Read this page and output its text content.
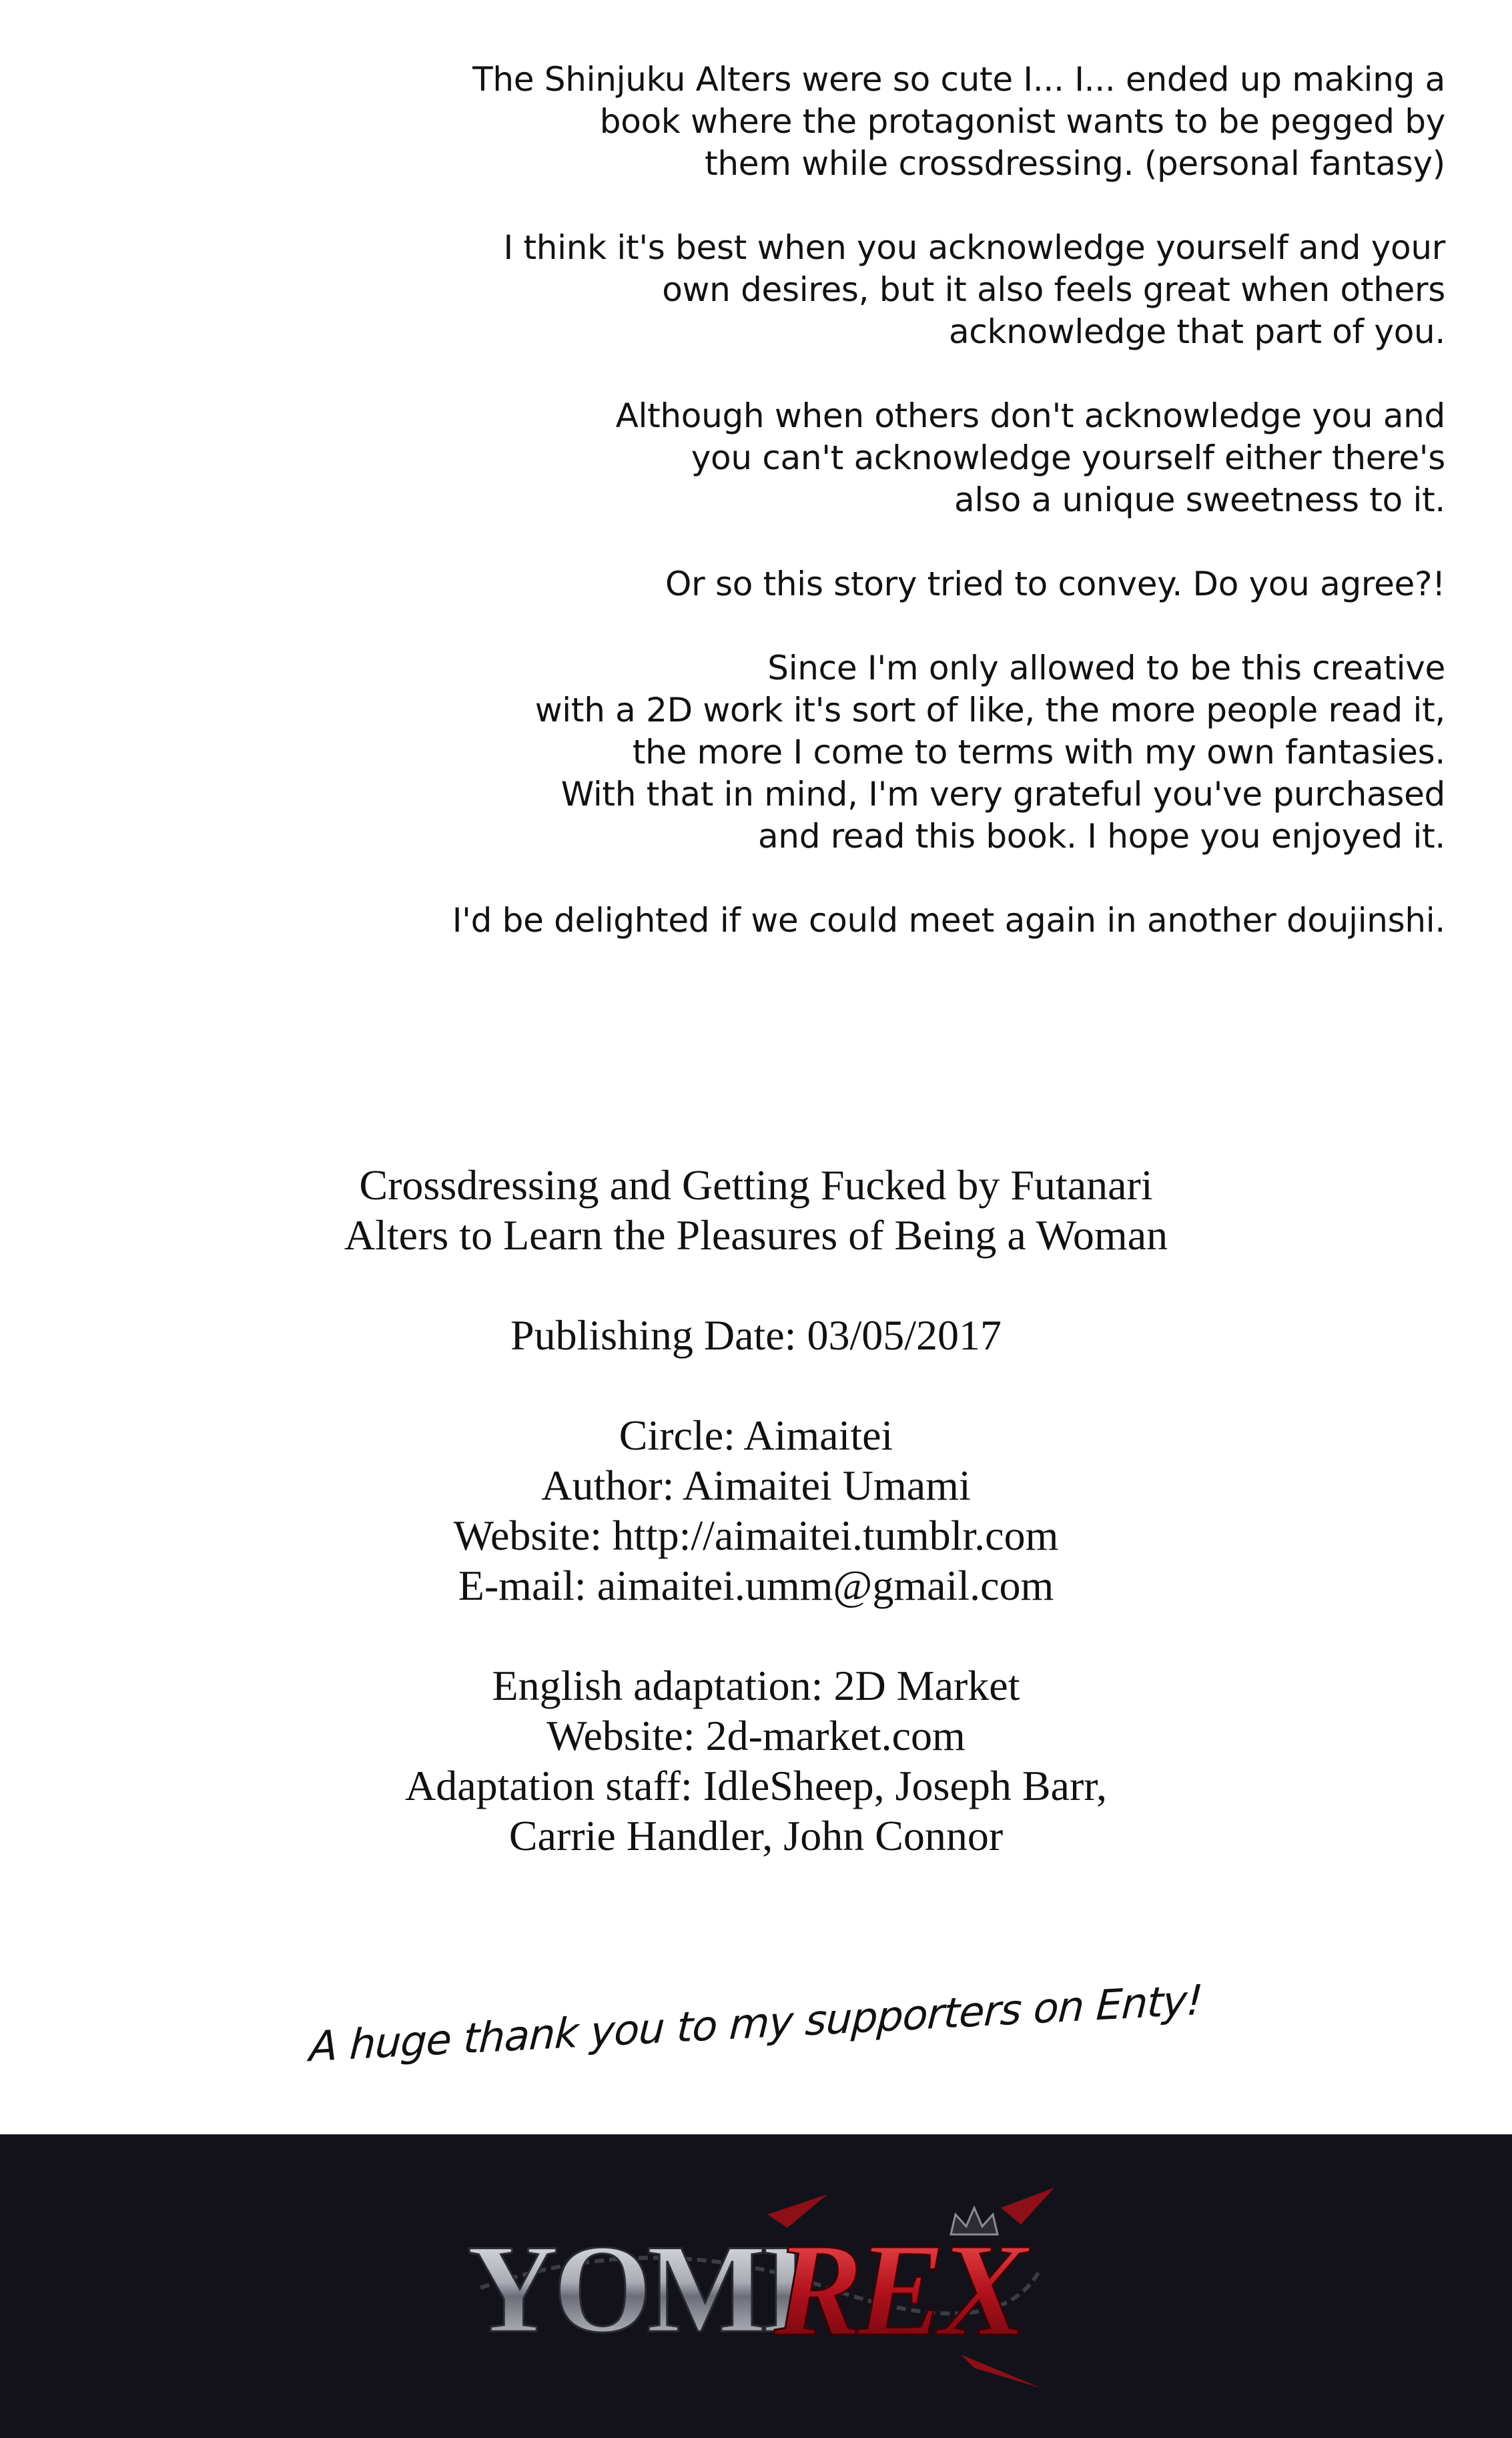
The Shinjuku Alters were so cute I... I... ended up making a
book where the protagonist wants to be pegged by
them while crossdressing. (personal fantasy)

I think it's best when you acknowledge yourself and your
own desires, but it also feels great when others
acknowledge that part of you.

Although when others don't acknowledge you and
you can't acknowledge yourself either there's
also a unique sweetness to it.

Or so this story tried to convey. Do you agree?!

Since I'm only allowed to be this creative
with a 2D work it's sort of like, the more people read it,
the more I come to terms with my own fantasies.
With that in mind, I'm very grateful you've purchased
and read this book. I hope you enjoyed it.

I'd be delighted if we could meet again in another doujinshi.

Crossdressing and Getting Fucked by Futanari
Alters to Learn the Pleasures of Being a Woman
Publishing Date: 03/05/2017
Circle: Aimaitei
Author: Aimaitei Umami
Website: http://aimaitei.tumblr.com
E-mail: aimaitei.umm@gmail.com
English adaptation: 2D Market
Website: 2d-market.com
Adaptation staff: IdleSheep, Joseph Barr,
Carrie Handler, John Connor
A huge thank you to my supporters on Enty!
YOMI
REX
